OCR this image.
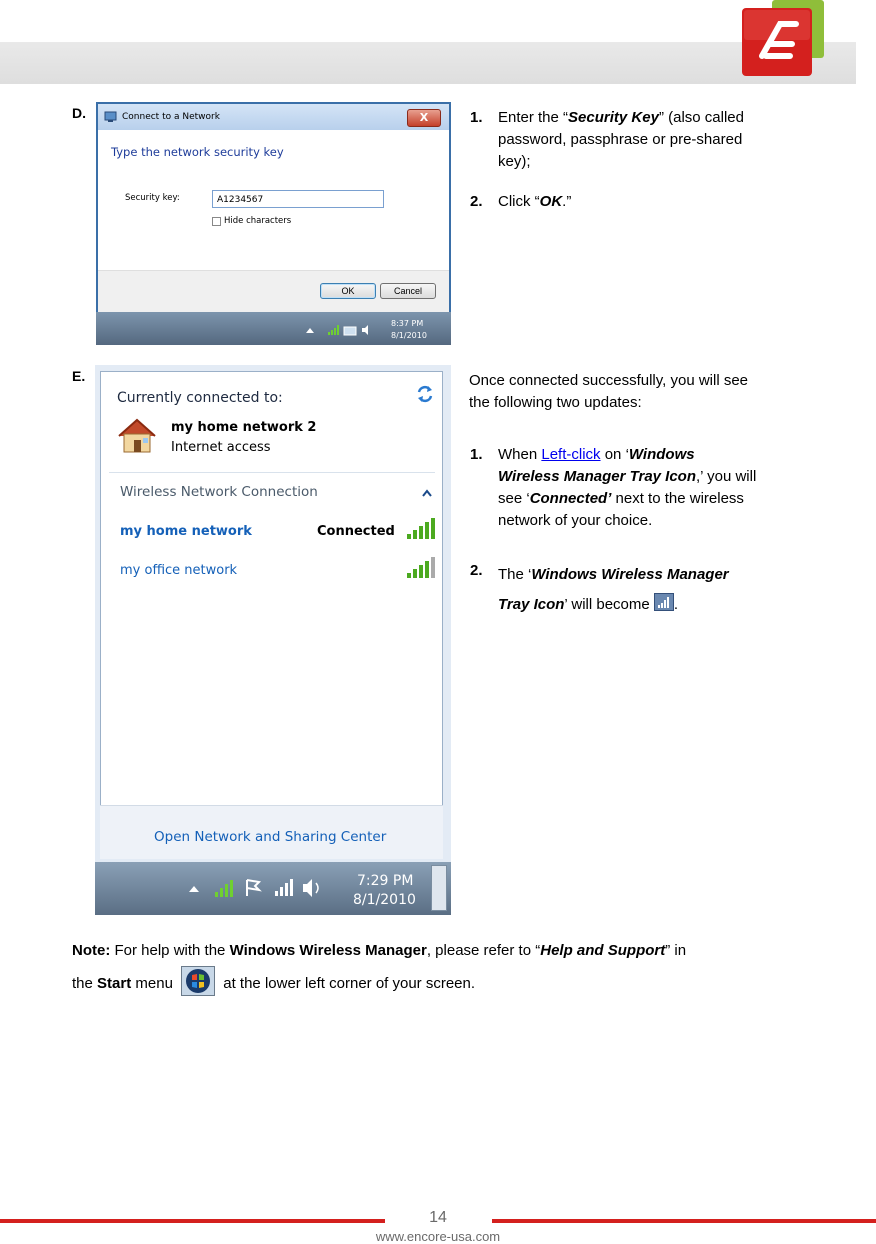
D.	Connect to a Network	X
Type the network security key
Security key:	A1234567
Hide characters
OK	Cancel
8:37 PM
8/1/2010
1. Enter the “Security Key” (also called
password, passphrase or pre-shared
key);
2. Click “OK.”
E.
Currently connected to:
my home network 2
Internet access
Wireless Network Connection
my home network	Connected
my office network
Open Network and Sharing Center
7:29 PM
8/1/2010
Once connected successfully, you will see
the following two updates:
1. When Left-click on ‘Windows
Wireless Manager Tray Icon,’ you will
see ‘Connected’ next to the wireless
network of your choice.
2. The ‘Windows Wireless Manager
Tray Icon’ will become .
Note: For help with the Windows Wireless Manager, please refer to “Help and Support” in
the Start menu	at the lower left corner of your screen.
14
www.encore-usa.com
